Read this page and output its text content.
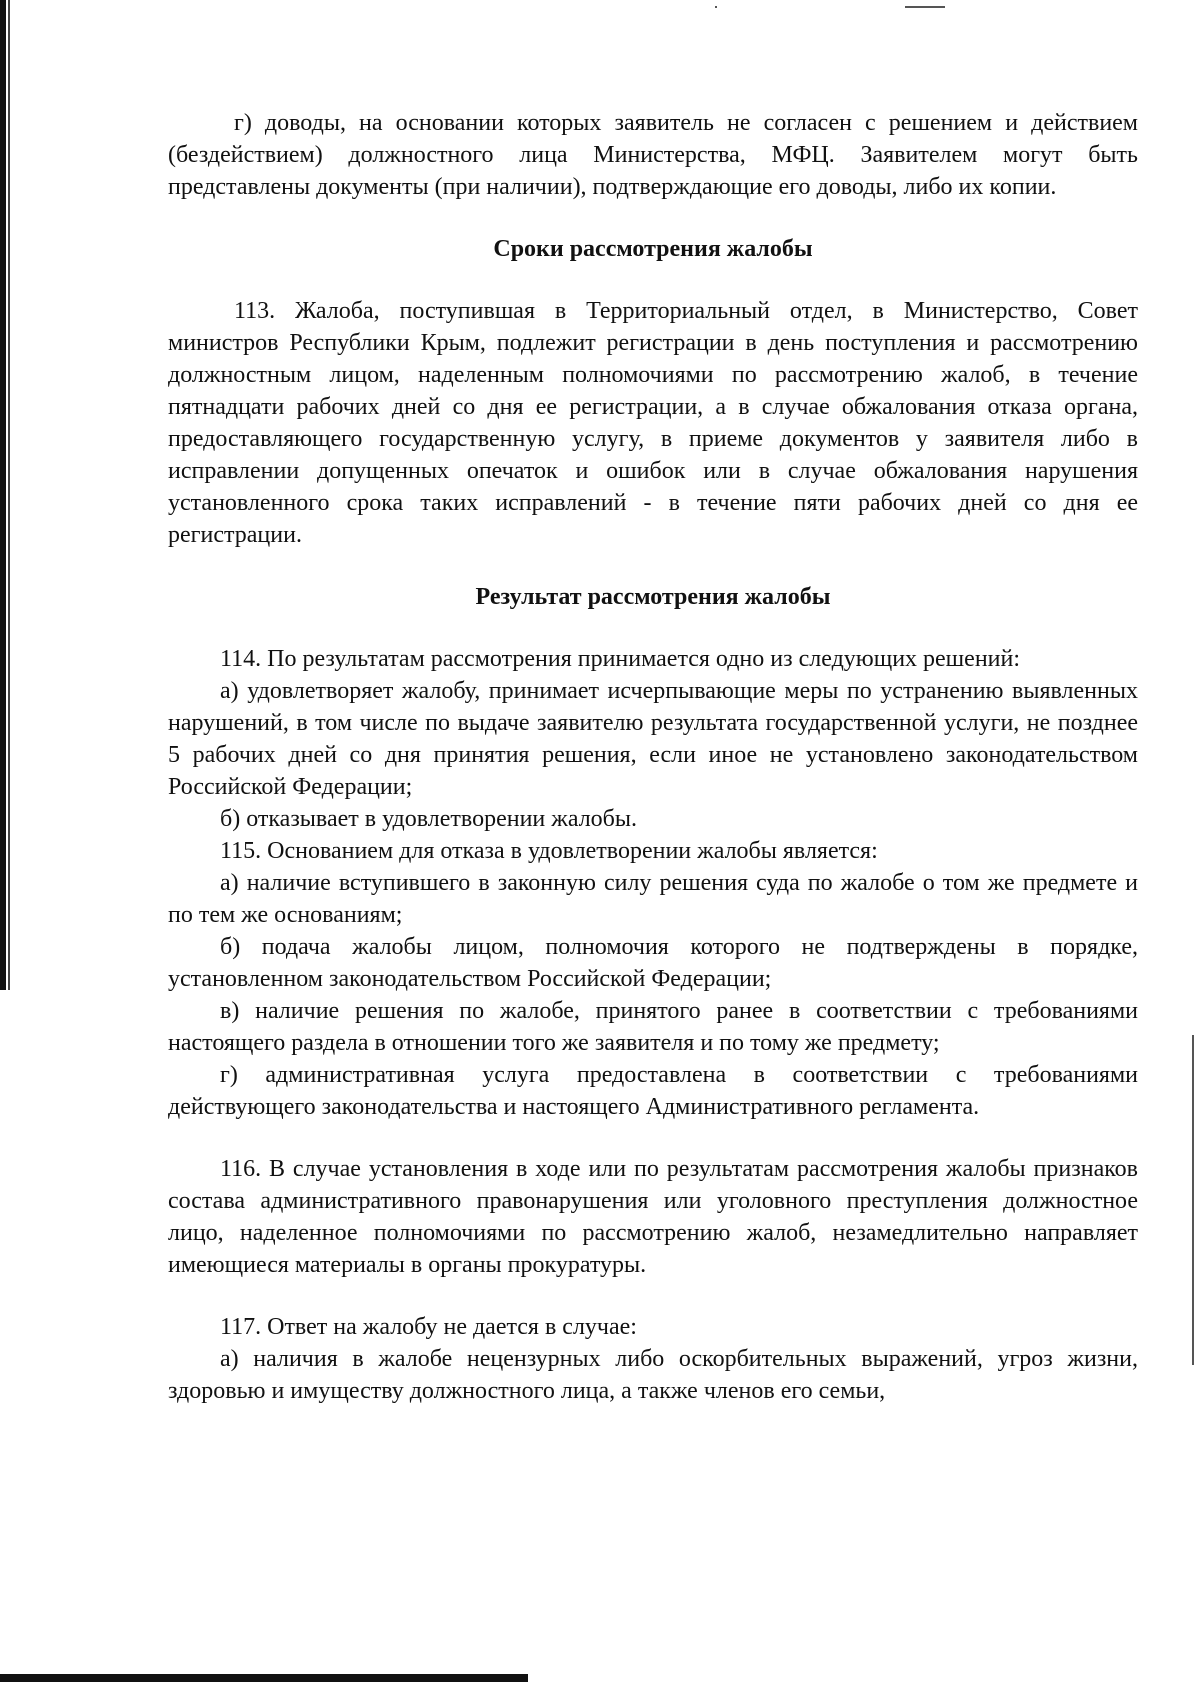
г) доводы, на основании которых заявитель не согласен с решением и действием (бездействием) должностного лица Министерства, МФЦ. Заявителем могут быть представлены документы (при наличии), подтверждающие его доводы, либо их копии.

Сроки рассмотрения жалобы

113. Жалоба, поступившая в Территориальный отдел, в Министерство, Совет министров Республики Крым, подлежит регистрации в день поступления и рассмотрению должностным лицом, наделенным полномочиями по рассмотрению жалоб, в течение пятнадцати рабочих дней со дня ее регистрации, а в случае обжалования отказа органа, предоставляющего государственную услугу, в приеме документов у заявителя либо в исправлении допущенных опечаток и ошибок или в случае обжалования нарушения установленного срока таких исправлений - в течение пяти рабочих дней со дня ее регистрации.

Результат рассмотрения жалобы

114. По результатам рассмотрения принимается одно из следующих решений:

а) удовлетворяет жалобу, принимает исчерпывающие меры по устранению выявленных нарушений, в том числе по выдаче заявителю результата государственной услуги, не позднее 5 рабочих дней со дня принятия решения, если иное не установлено законодательством Российской Федерации;

б) отказывает в удовлетворении жалобы.

115. Основанием для отказа в удовлетворении жалобы является:

а) наличие вступившего в законную силу решения суда по жалобе о том же предмете и по тем же основаниям;

б) подача жалобы лицом, полномочия которого не подтверждены в порядке, установленном законодательством Российской Федерации;

в) наличие решения по жалобе, принятого ранее в соответствии с требованиями настоящего раздела в отношении того же заявителя и по тому же предмету;

г) административная услуга предоставлена в соответствии с требованиями действующего законодательства и настоящего Административного регламента.

116. В случае установления в ходе или по результатам рассмотрения жалобы признаков состава административного правонарушения или уголовного преступления должностное лицо, наделенное полномочиями по рассмотрению жалоб, незамедлительно направляет имеющиеся материалы в органы прокуратуры.

117. Ответ на жалобу не дается в случае:

а) наличия в жалобе нецензурных либо оскорбительных выражений, угроз жизни, здоровью и имуществу должностного лица, а также членов его семьи,
